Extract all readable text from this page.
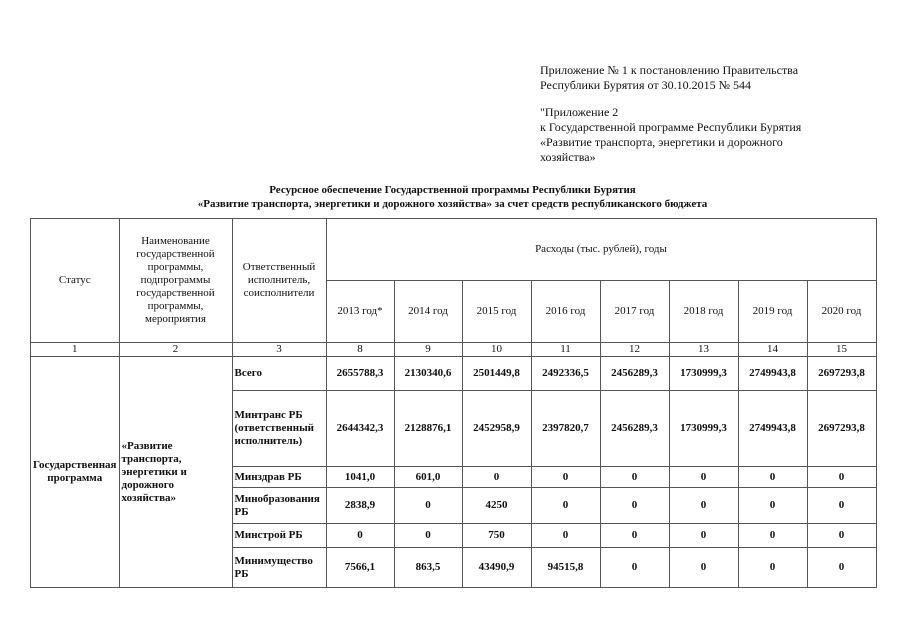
Приложение № 1 к постановлению Правительства

Республики Бурятия от 30.10.2015 № 544

"Приложение 2

к Государственной программе Республики Бурятия

«Развитие транспорта, энергетики и дорожного

хозяйства»

Ресурсное обеспечение Государственной программы Республики Бурятия
«Развитие транспорта, энергетики и дорожного хозяйства» за счет средств республиканского бюджета
Статус	Наименование государственной программы, подпрограммы государственной программы, мероприятия	Ответственный исполнитель, соисполнители	Расходы (тыс. рублей), годы							
			2013 год*	2014 год	2015 год	2016 год	2017 год	2018 год	2019 год	2020 год
1	2	3	8	9	10	11	12	13	14	15
Государственная программа	«Развитие транспорта, энергетики и дорожного хозяйства»	Всего	2655788,3	2130340,6	2501449,8	2492336,5	2456289,3	1730999,3	2749943,8	2697293,8
		Минтранс РБ (ответственный исполнитель)	2644342,3	2128876,1	2452958,9	2397820,7	2456289,3	1730999,3	2749943,8	2697293,8
		Минздрав РБ	1041,0	601,0	0	0	0	0	0	0
		Минобразования РБ	2838,9	0	4250	0	0	0	0	0
		Минстрой РБ	0	0	750	0	0	0	0	0
		Минимущество РБ	7566,1	863,5	43490,9	94515,8	0	0	0	0
